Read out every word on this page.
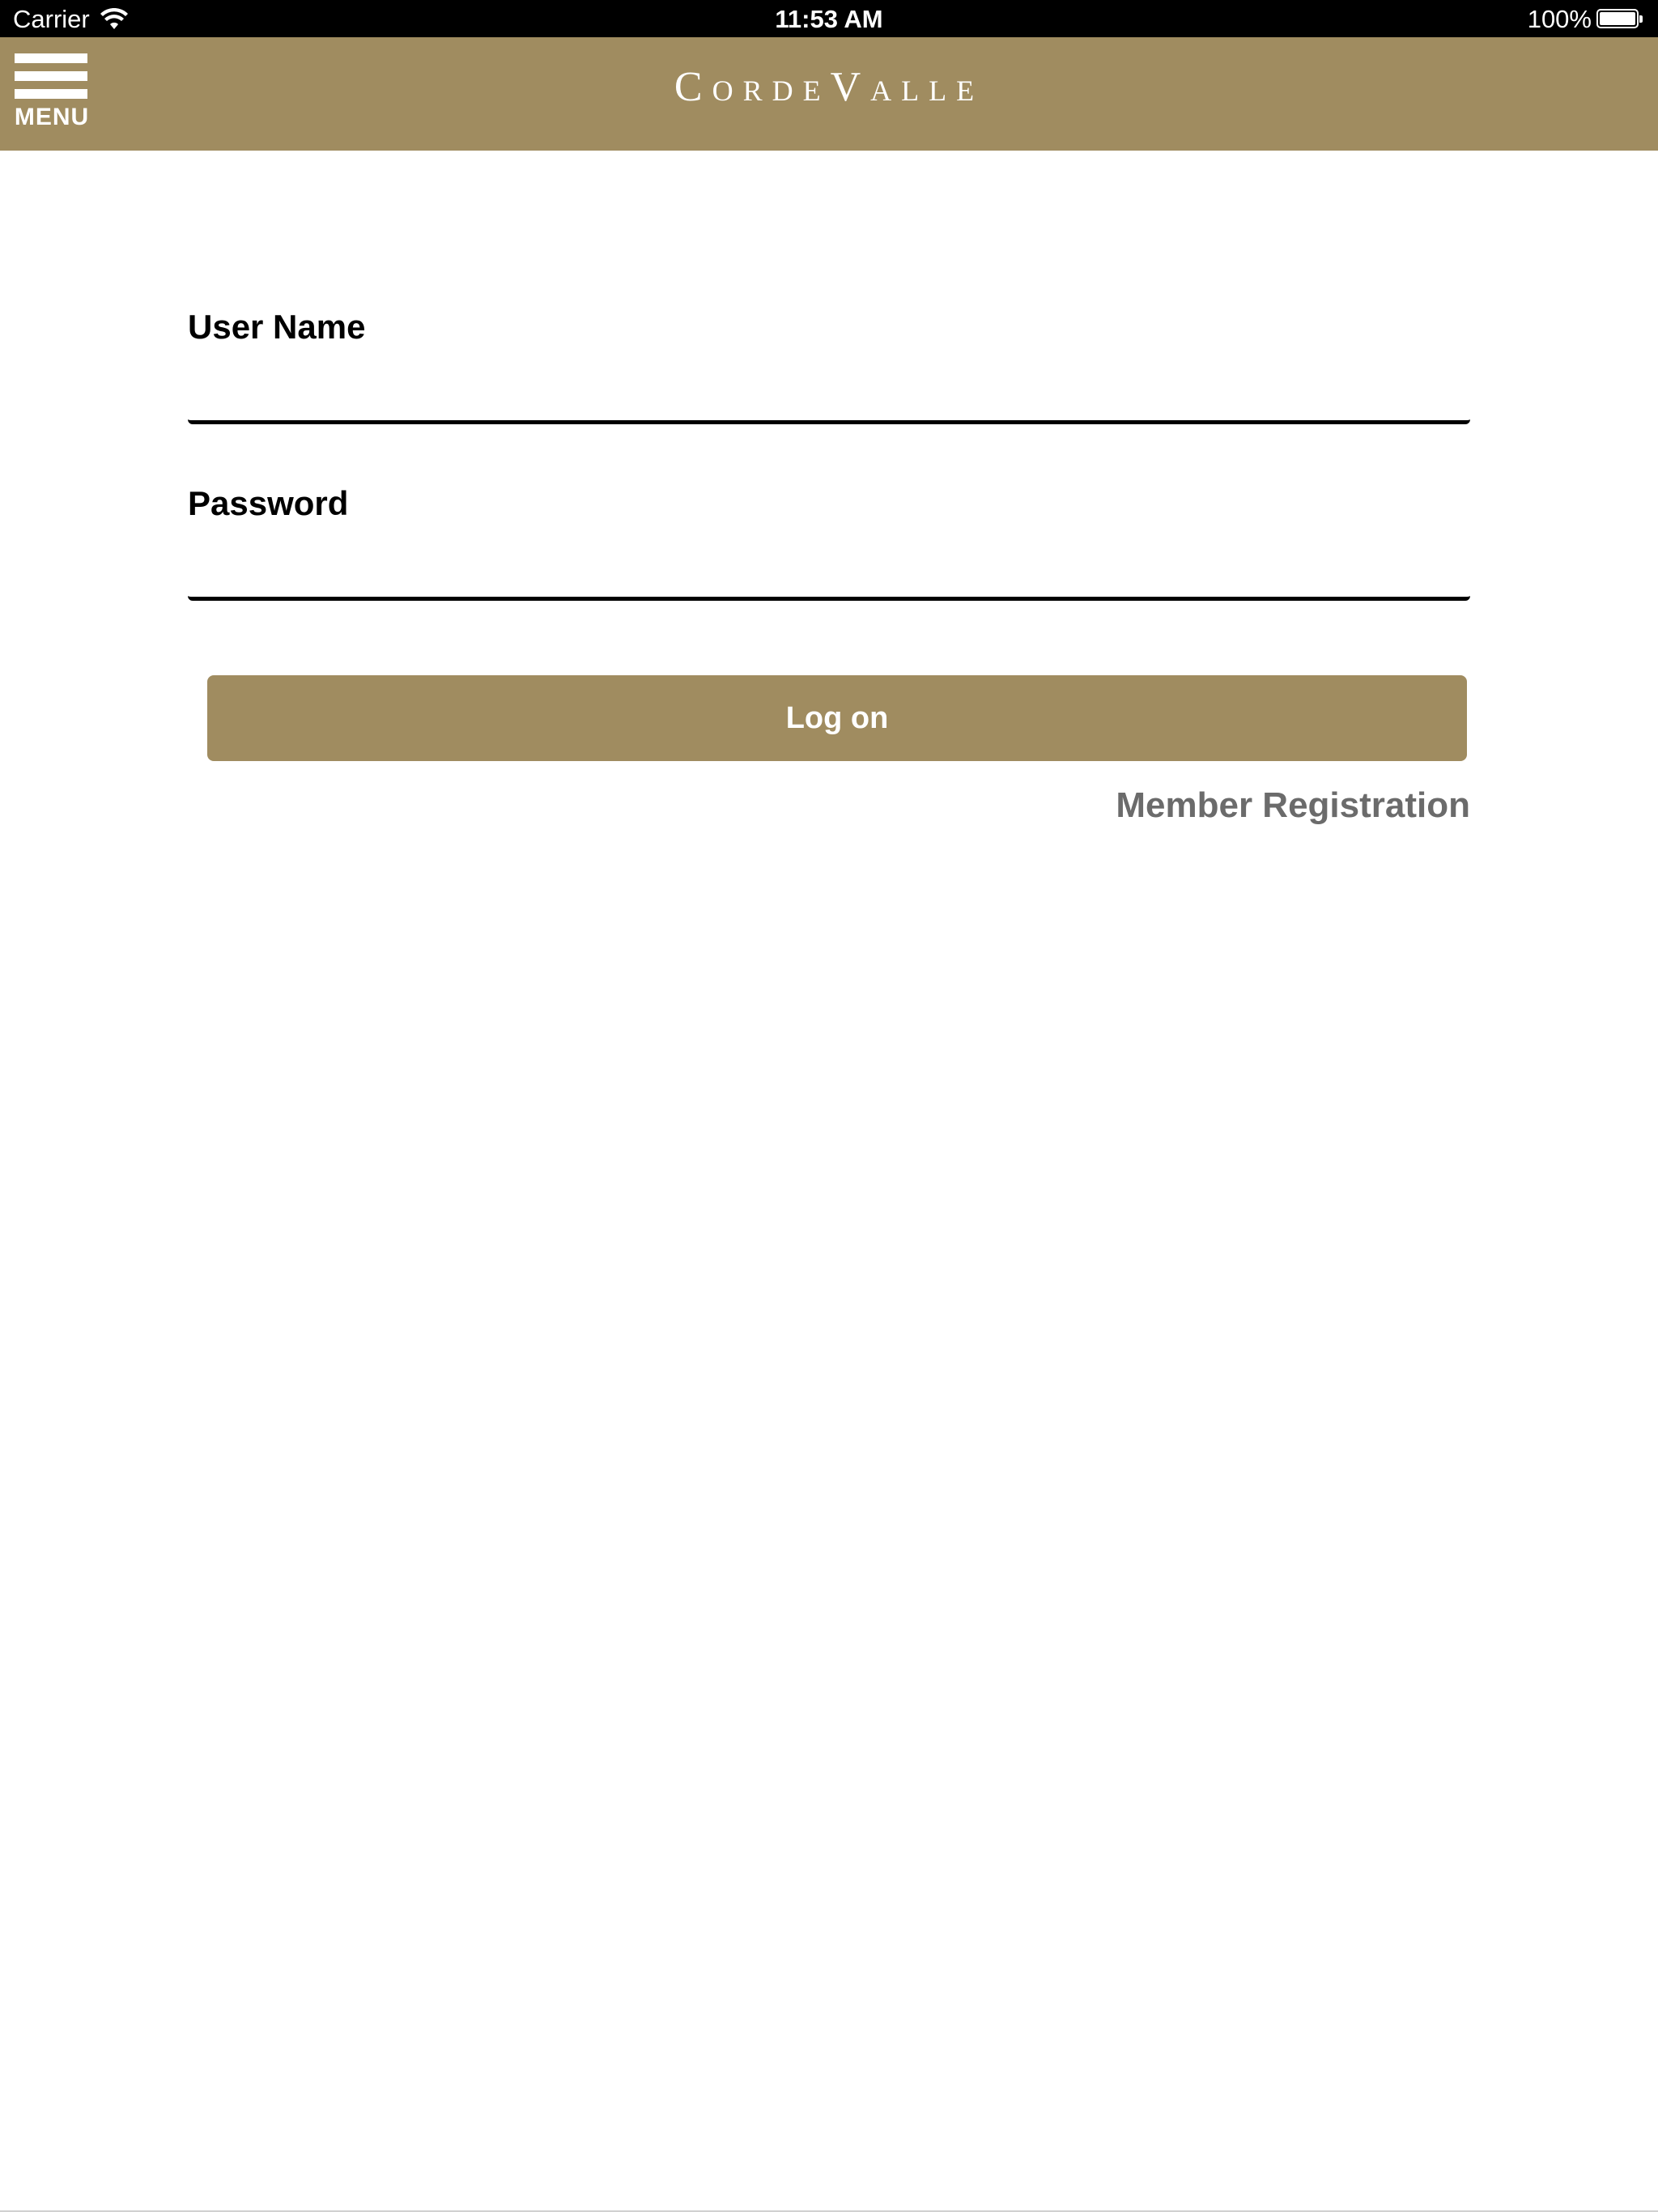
Carrier	11:53 AM	100%
MENU
CordeValle
User Name
Password
Log on
Member Registration
